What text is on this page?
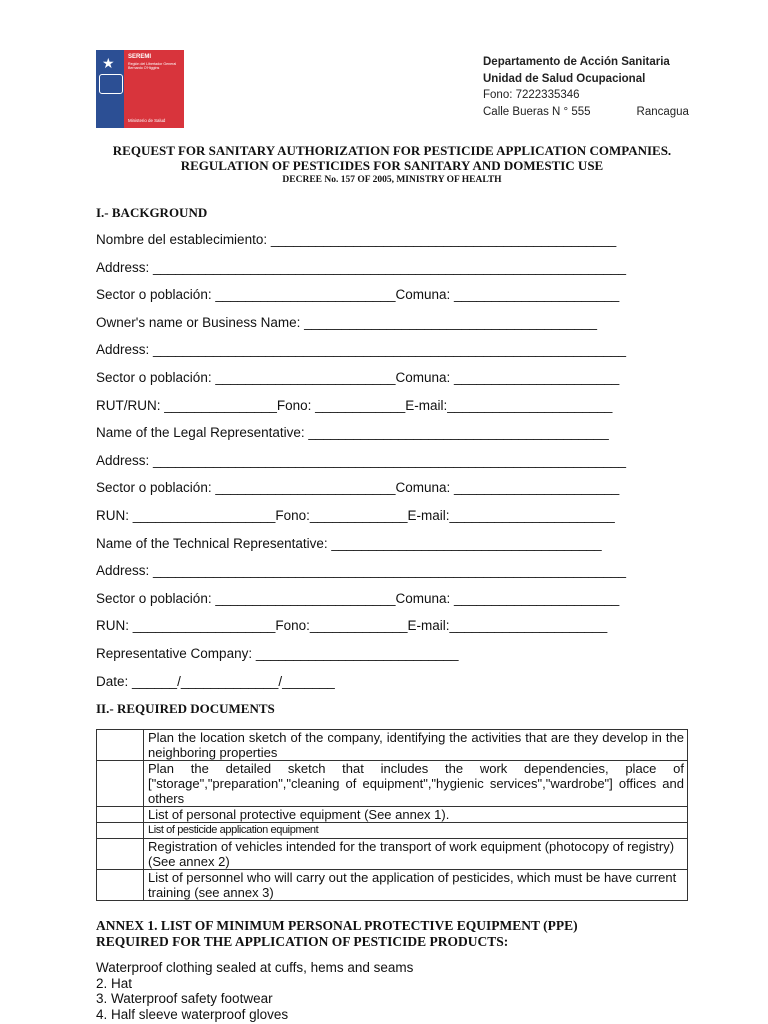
★ SEREMI
Región del Libertador General Bernardo O'Higgins
Ministerio de Salud
Departamento de Acción Sanitaria
Unidad de Salud Ocupacional
Fono: 7222335346
Calle Bueras N ° 555	Rancagua
REQUEST FOR SANITARY AUTHORIZATION FOR PESTICIDE APPLICATION COMPANIES.
REGULATION OF PESTICIDES FOR SANITARY AND DOMESTIC USE
DECREE No. 157 OF 2005, MINISTRY OF HEALTH
I.- BACKGROUND
Nombre del establecimiento: ______________________________________________
Address: _______________________________________________________________
Sector o población: ________________________Comuna: ______________________
Owner's name or Business Name: _______________________________________
Address: _______________________________________________________________
Sector o población: ________________________Comuna: ______________________
RUT/RUN: _______________Fono: ____________E-mail:______________________
Name of the Legal Representative: ________________________________________
Address: _______________________________________________________________
Sector o población: ________________________Comuna: ______________________
RUN: ___________________Fono:_____________E-mail:______________________
Name of the Technical Representative: ____________________________________
Address: _______________________________________________________________
Sector o población: ________________________Comuna: ______________________
RUN: ___________________Fono:_____________E-mail:_____________________
Representative Company: ___________________________
Date: ______/_____________/_______
II.- REQUIRED DOCUMENTS
	Plan the location sketch of the company, identifying the activities that are they develop in the neighboring properties
	Plan the detailed sketch that includes the work dependencies, place of ["storage","preparation","cleaning of equipment","hygienic services","wardrobe"] offices and others
	List of personal protective equipment (See annex 1).
	List of pesticide application equipment
	Registration of vehicles intended for the transport of work equipment (photocopy of registry) (See annex 2)
	List of personnel who will carry out the application of pesticides, which must be have current training (see annex 3)
ANNEX 1. LIST OF MINIMUM PERSONAL PROTECTIVE EQUIPMENT (PPE)
REQUIRED FOR THE APPLICATION OF PESTICIDE PRODUCTS:
Waterproof clothing sealed at cuffs, hems and seams
2. Hat
3. Waterproof safety footwear
4. Half sleeve waterproof gloves
